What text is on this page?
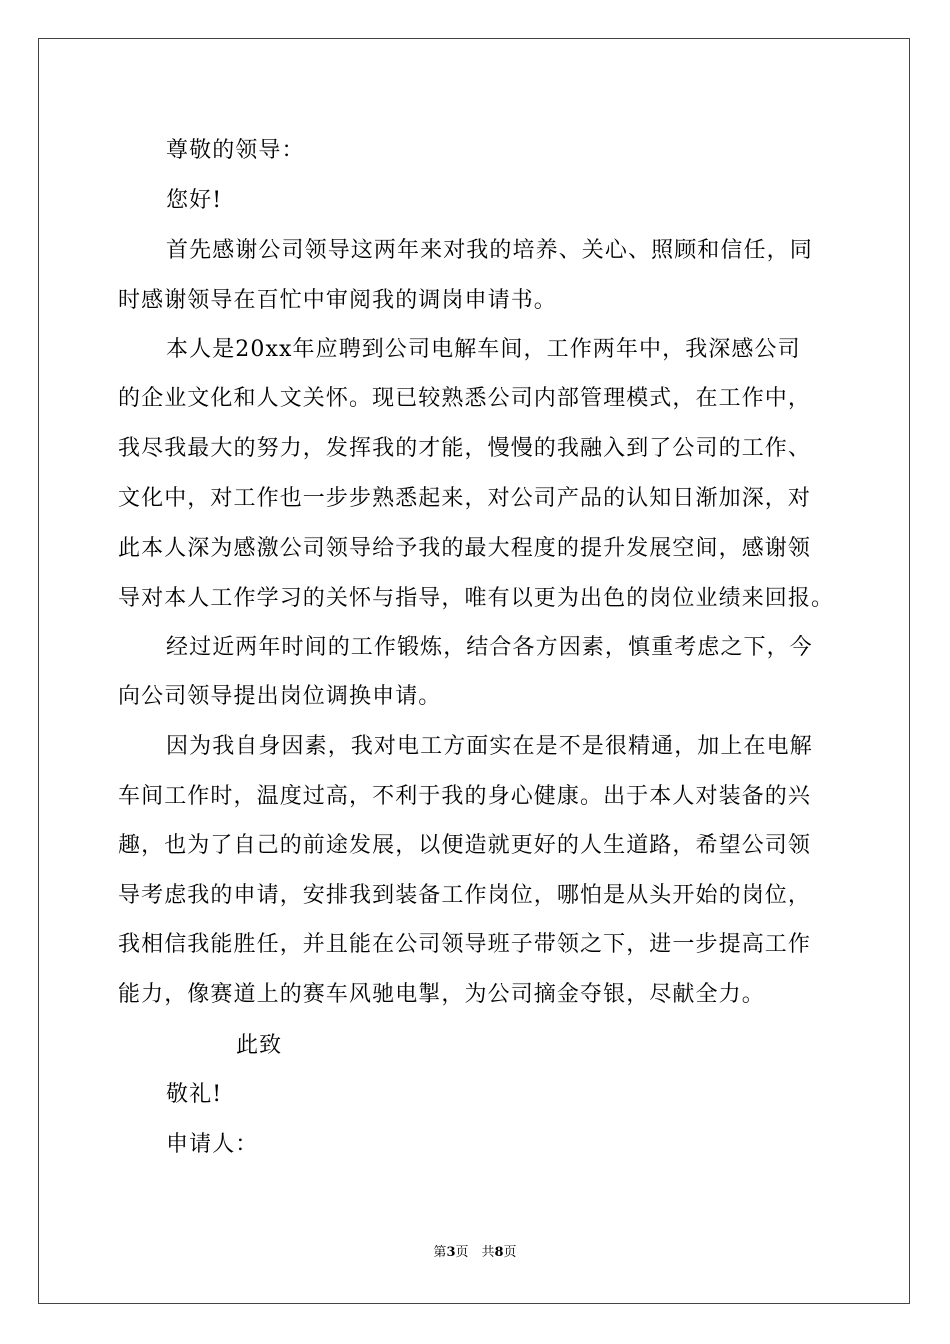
尊敬的领导：
您好!
首先感谢公司领导这两年来对我的培养、关心、照顾和信任，同
时感谢领导在百忙中审阅我的调岗申请书。
本人是20xx年应聘到公司电解车间，工作两年中，我深感公司
的企业文化和人文关怀。现已较熟悉公司内部管理模式，在工作中，
我尽我最大的努力，发挥我的才能，慢慢的我融入到了公司的工作、
文化中，对工作也一步步熟悉起来，对公司产品的认知日渐加深，对
此本人深为感激公司领导给予我的最大程度的提升发展空间，感谢领
导对本人工作学习的关怀与指导，唯有以更为出色的岗位业绩来回报。
经过近两年时间的工作锻炼，结合各方因素，慎重考虑之下，今
向公司领导提出岗位调换申请。
因为我自身因素，我对电工方面实在是不是很精通，加上在电解
车间工作时，温度过高，不利于我的身心健康。出于本人对装备的兴
趣，也为了自己的前途发展，以便造就更好的人生道路，希望公司领
导考虑我的申请，安排我到装备工作岗位，哪怕是从头开始的岗位，
我相信我能胜任，并且能在公司领导班子带领之下，进一步提高工作
能力，像赛道上的赛车风驰电掣，为公司摘金夺银，尽献全力。
此致
敬礼!
申请人：
第3页　共8页
